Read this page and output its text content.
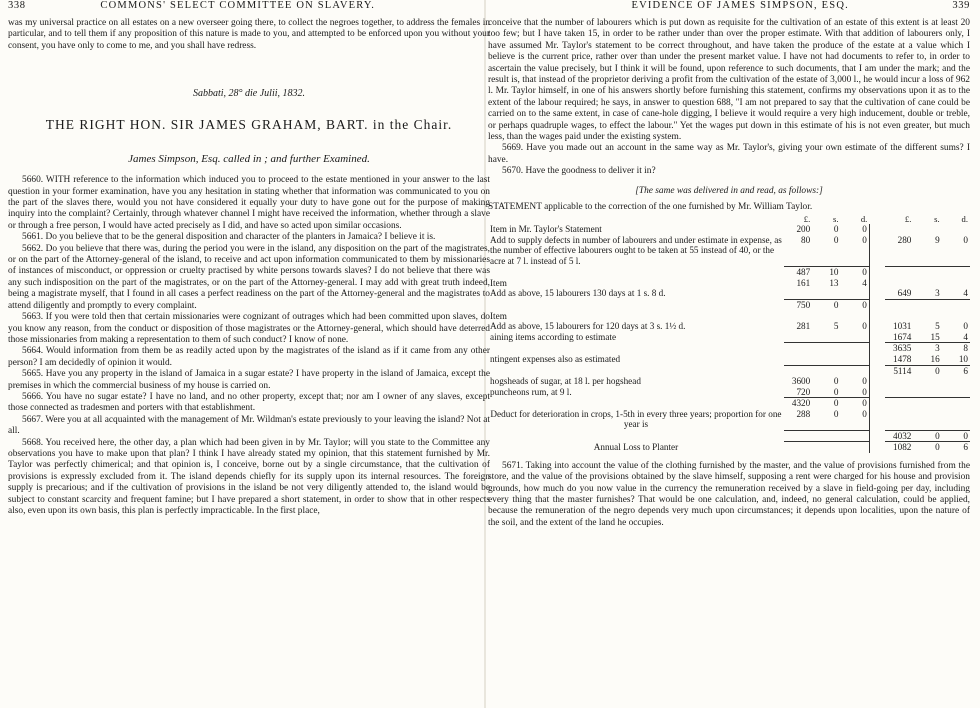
338	COMMONS' SELECT COMMITTEE ON SLAVERY.

was my universal practice on all estates on a new overseer going there, to collect the negroes together, to address the females in particular, and to tell them if any proposition of this nature is made to you, and attempted to be enforced upon you without your consent, you have only to come to me, and you shall have redress.

Sabbati, 28° die Julii, 1832.
THE RIGHT HON. SIR JAMES GRAHAM, BART. in the Chair.
James Simpson, Esq. called in ; and further Examined.

5660. WITH reference to the information which induced you to proceed to the estate mentioned in your answer to the last question in your former examination, have you any hesitation in stating whether that information was communicated to you on the part of the slaves there, would you not have considered it equally your duty to have gone out for the purpose of making inquiry into the complaint? Certainly, through whatever channel I might have received the information, whether through a slave or through a free person, I would have acted precisely as I did, and have so acted upon similar occasions.

5661. Do you believe that to be the general disposition and character of the planters in Jamaica? I believe it is.

5662. Do you believe that there was, during the period you were in the island, any disposition on the part of the magistrates, or on the part of the Attorney-general of the island, to receive and act upon information communicated to them by missionaries of instances of misconduct, or oppression or cruelty practised by white persons towards slaves? I do not believe that there was any such indisposition on the part of the magistrates, or on the part of the Attorney-general. I may add with great truth indeed, being a magistrate myself, that I found in all cases a perfect readiness on the part of the Attorney-general and the magistrates to attend diligently and promptly to every complaint.

5663. If you were told then that certain missionaries were cognizant of outrages which had been committed upon slaves, do you know any reason, from the conduct or disposition of those magistrates or the Attorney-general, which should have deterred those missionaries from making a representation to them of such conduct? I know of none.

5664. Would information from them be as readily acted upon by the magistrates of the island as if it came from any other person? I am decidedly of opinion it would.

5665. Have you any property in the island of Jamaica in a sugar estate? I have property in the island of Jamaica, except the premises in which the commercial business of my house is carried on.

5666. You have no sugar estate? I have no land, and no other property, except that; nor am I owner of any slaves, except those connected as tradesmen and porters with that establishment.

5667. Were you at all acquainted with the management of Mr. Wildman's estate previously to your leaving the island? Not at all.

5668. You received here, the other day, a plan which had been given in by Mr. Taylor; will you state to the Committee any observations you have to make upon that plan? I think I have already stated my opinion, that this statement furnished by Mr. Taylor was perfectly chimerical; and that opinion is, I conceive, borne out by a single circumstance, that the cultivation of provisions is expressly excluded from it. The island depends chiefly for its supply upon its internal resources. The foreign supply is precarious; and if the cultivation of provisions in the island be not very diligently attended to, the island would be subject to constant scarcity and frequent famine; but I have prepared a short statement, in order to show that in other respects also, even upon its own basis, this plan is perfectly impracticable. In the first place,

EVIDENCE OF JAMES SIMPSON, ESQ.	339

conceive that the number of labourers which is put down as requisite for the cultivation of an estate of this extent is at least 20 too few; but I have taken 15, in order to be rather under than over the proper estimate. With that addition of labourers only, I have assumed Mr. Taylor's statement to be correct throughout, and have taken the produce of the estate at a value which I believe is the current price, rather over than under the present market value. I have not had documents to refer to, in order to ascertain the value precisely, but I think it will be found, upon reference to such documents, that I am under the mark; and the result is, that instead of the proprietor deriving a profit from the cultivation of the estate of 3,000 l., he would incur a loss of 962 l. Mr. Taylor himself, in one of his answers shortly before furnishing this statement, confirms my observations upon it as to the extent of the labour required; he says, in answer to question 688, "I am not prepared to say that the cultivation of cane could be carried on to the same extent, in case of cane-hole digging, I believe it would require a very high inducement, double or treble, or perhaps quadruple wages, to effect the labour." Yet the wages put down in this estimate of his is not even greater, but much less, than the wages paid under the existing system.

5669. Have you made out an account in the same way as Mr. Taylor's, giving your own estimate of the different sums? I have.

5670. Have the goodness to deliver it in?

[The same was delivered in and read, as follows:]
STATEMENT applicable to the correction of the one furnished by Mr. William Taylor.
	£.	s.	d.		£.	s.	d.
Item in Mr. Taylor's Statement	200	0	0				
Add to supply defects in number of labourers and under estimate in expense, as the number of effective labourers ought to be taken at 55 instead of 40, or the acre at 7 l. instead of 5 l.	80	0	0		280	9	0
	487	10	0				
Item	161	13	4				
Add as above, 15 labourers 130 days at 1 s. 8 d.					649	3	4
	750	0	0				
Item							
Add as above, 15 labourers for 120 days at 3 s. 1½ d.	281	5	0		1031	5	0
aining items according to estimate					1674	15	4
					3635	3	8
ntingent expenses also as estimated					1478	16	10
					5114	0	6
hogsheads of sugar, at 18 l. per hogshead	3600	0	0				
puncheons rum, at 9 l.	720	0	0				
	4320	0	0				
Deduct for deterioration in crops, 1-5th in every three years; proportion for one year is	288	0	0				
					4032	0	0
Annual Loss to Planter					1082	0	6

5671. Taking into account the value of the clothing furnished by the master, and the value of provisions furnished from the store, and the value of the provisions obtained by the slave himself, supposing a rent were charged for his house and provision grounds, how much do you now value in the currency the remuneration received by a slave in field-going per day, including every thing that the master furnishes? That would be one calculation, and, indeed, no general calculation, could be applied, because the remuneration of the negro depends very much upon circumstances; it depends upon localities, upon the nature of the soil, and the extent of the land he occupies.
